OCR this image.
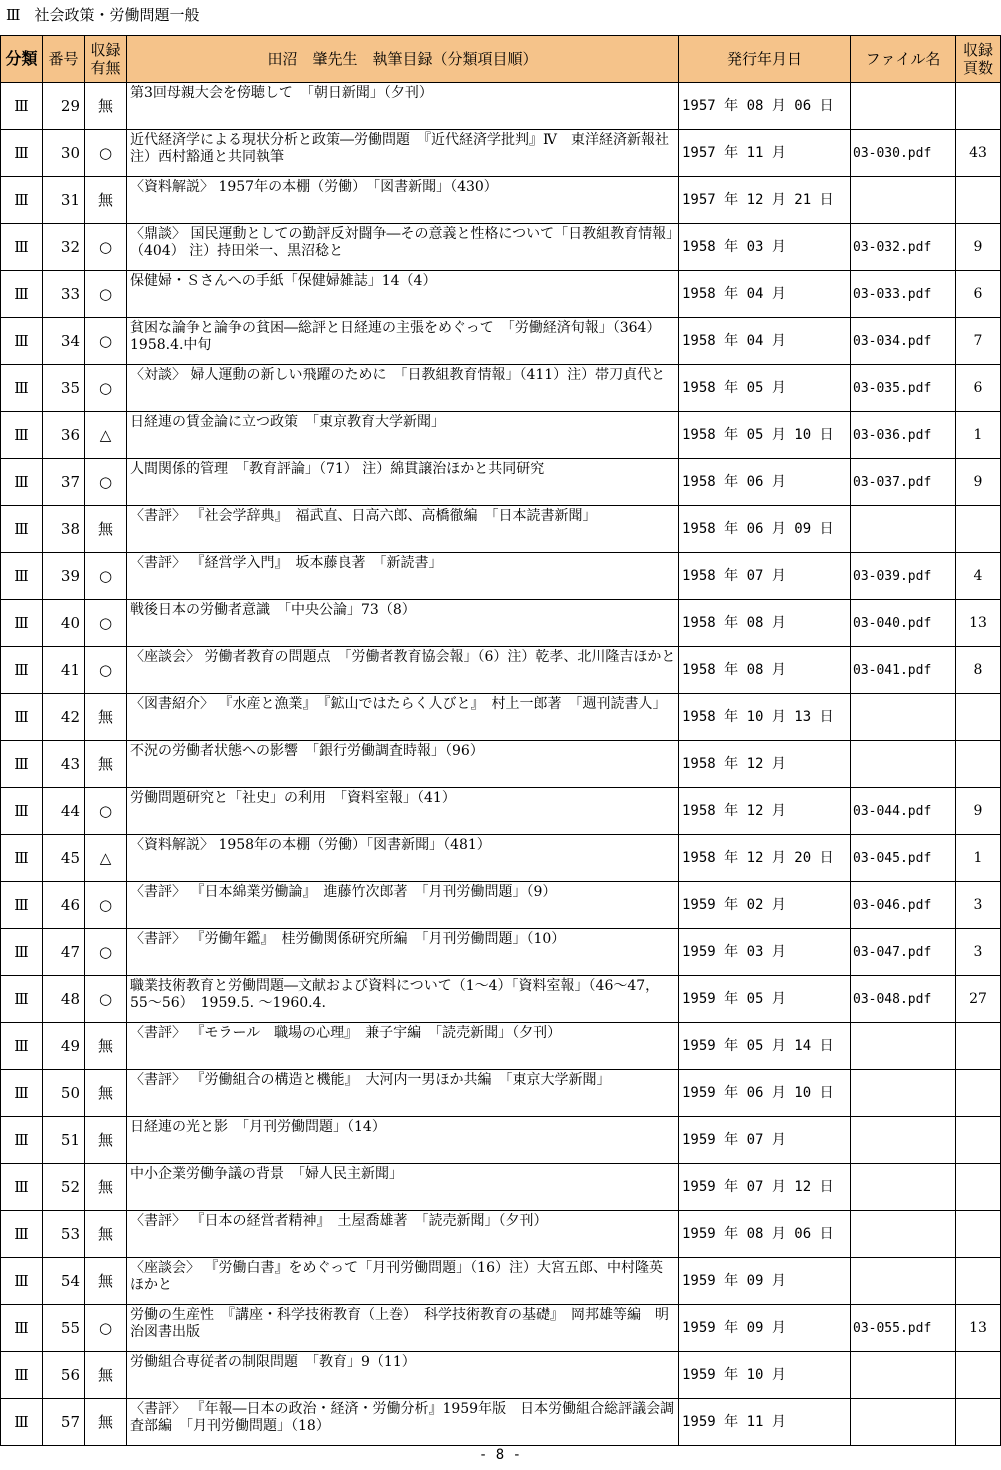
Ⅲ 社会政策・労働問題一般
分類	番号	収録有無	田沼　肇先生　執筆目録（分類項目順）	発行年月日	ファイル名	収録頁数
Ⅲ	29	無	第3回母親大会を傍聴して　「朝日新聞」（夕刊）	1957 年 08 月 06 日		
Ⅲ	30	○	近代経済学による現状分析と政策―労働問題　『近代経済学批判』Ⅳ　東洋経済新報社　注）西村豁通と共同執筆	1957 年 11 月	03-030.pdf	43
Ⅲ	31	無	〈資料解説〉 1957年の本棚（労働）　「図書新聞」（430）	1957 年 12 月 21 日		
Ⅲ	32	○	〈鼎談〉 国民運動としての勤評反対闘争―その意義と性格について「日教組教育情報」（404） 注）持田栄一、黒沼稔と	1958 年 03 月	03-032.pdf	9
Ⅲ	33	○	保健婦・Ｓさんへの手紙「保健婦雑誌」14（4）	1958 年 04 月	03-033.pdf	6
Ⅲ	34	○	貧困な論争と論争の貧困―総評と日経連の主張をめぐって　「労働経済旬報」（364）　1958.4.中旬	1958 年 04 月	03-034.pdf	7
Ⅲ	35	○	〈対談〉 婦人運動の新しい飛躍のために　「日教組教育情報」（411）注）帯刀貞代と	1958 年 05 月	03-035.pdf	6
Ⅲ	36	△	日経連の賃金論に立つ政策　「東京教育大学新聞」	1958 年 05 月 10 日	03-036.pdf	1
Ⅲ	37	○	人間関係的管理　「教育評論」（71） 注）綿貫譲治ほかと共同研究	1958 年 06 月	03-037.pdf	9
Ⅲ	38	無	〈書評〉 『社会学辞典』　福武直、日高六郎、高橋徹編　「日本読書新聞」	1958 年 06 月 09 日		
Ⅲ	39	○	〈書評〉 『経営学入門』　坂本藤良著　「新読書」	1958 年 07 月	03-039.pdf	4
Ⅲ	40	○	戦後日本の労働者意識　「中央公論」73（8）	1958 年 08 月	03-040.pdf	13
Ⅲ	41	○	〈座談会〉 労働者教育の問題点　「労働者教育協会報」（6）注）乾孝、北川隆吉ほかと	1958 年 08 月	03-041.pdf	8
Ⅲ	42	無	〈図書紹介〉 『水産と漁業』　『鉱山ではたらく人びと』　村上一郎著　「週刊読書人」	1958 年 10 月 13 日		
Ⅲ	43	無	不況の労働者状態への影響　「銀行労働調査時報」（96）	1958 年 12 月		
Ⅲ	44	○	労働問題研究と「社史」の利用　「資料室報」（41）	1958 年 12 月	03-044.pdf	9
Ⅲ	45	△	〈資料解説〉 1958年の本棚（労働）「図書新聞」（481）	1958 年 12 月 20 日	03-045.pdf	1
Ⅲ	46	○	〈書評〉 『日本綿業労働論』　進藤竹次郎著　「月刊労働問題」（9）	1959 年 02 月	03-046.pdf	3
Ⅲ	47	○	〈書評〉 『労働年鑑』　桂労働関係研究所編　「月刊労働問題」（10）	1959 年 03 月	03-047.pdf	3
Ⅲ	48	○	職業技術教育と労働問題―文献および資料について（1～4）「資料室報」（46～47，55～56）　1959.5. ～1960.4.	1959 年 05 月	03-048.pdf	27
Ⅲ	49	無	〈書評〉 『モラール　職場の心理』　兼子宇編　「読売新聞」（夕刊）	1959 年 05 月 14 日		
Ⅲ	50	無	〈書評〉 『労働組合の構造と機能』　大河内一男ほか共編　「東京大学新聞」	1959 年 06 月 10 日		
Ⅲ	51	無	日経連の光と影　「月刊労働問題」（14）	1959 年 07 月		
Ⅲ	52	無	中小企業労働争議の背景　「婦人民主新聞」	1959 年 07 月 12 日		
Ⅲ	53	無	〈書評〉 『日本の経営者精神』　土屋喬雄著　「読売新聞」（夕刊）	1959 年 08 月 06 日		
Ⅲ	54	無	〈座談会〉 『労働白書』をめぐって「月刊労働問題」（16）注）大宮五郎、中村隆英ほかと	1959 年 09 月		
Ⅲ	55	○	労働の生産性　『講座・科学技術教育（上巻）　科学技術教育の基礎』　岡邦雄等編　明治図書出版	1959 年 09 月	03-055.pdf	13
Ⅲ	56	無	労働組合専従者の制限問題　「教育」9（11）	1959 年 10 月		
Ⅲ	57	無	〈書評〉 『年報―日本の政治・経済・労働分析』1959年版　日本労働組合総評議会調査部編　「月刊労働問題」（18）	1959 年 11 月		
- 8 -
